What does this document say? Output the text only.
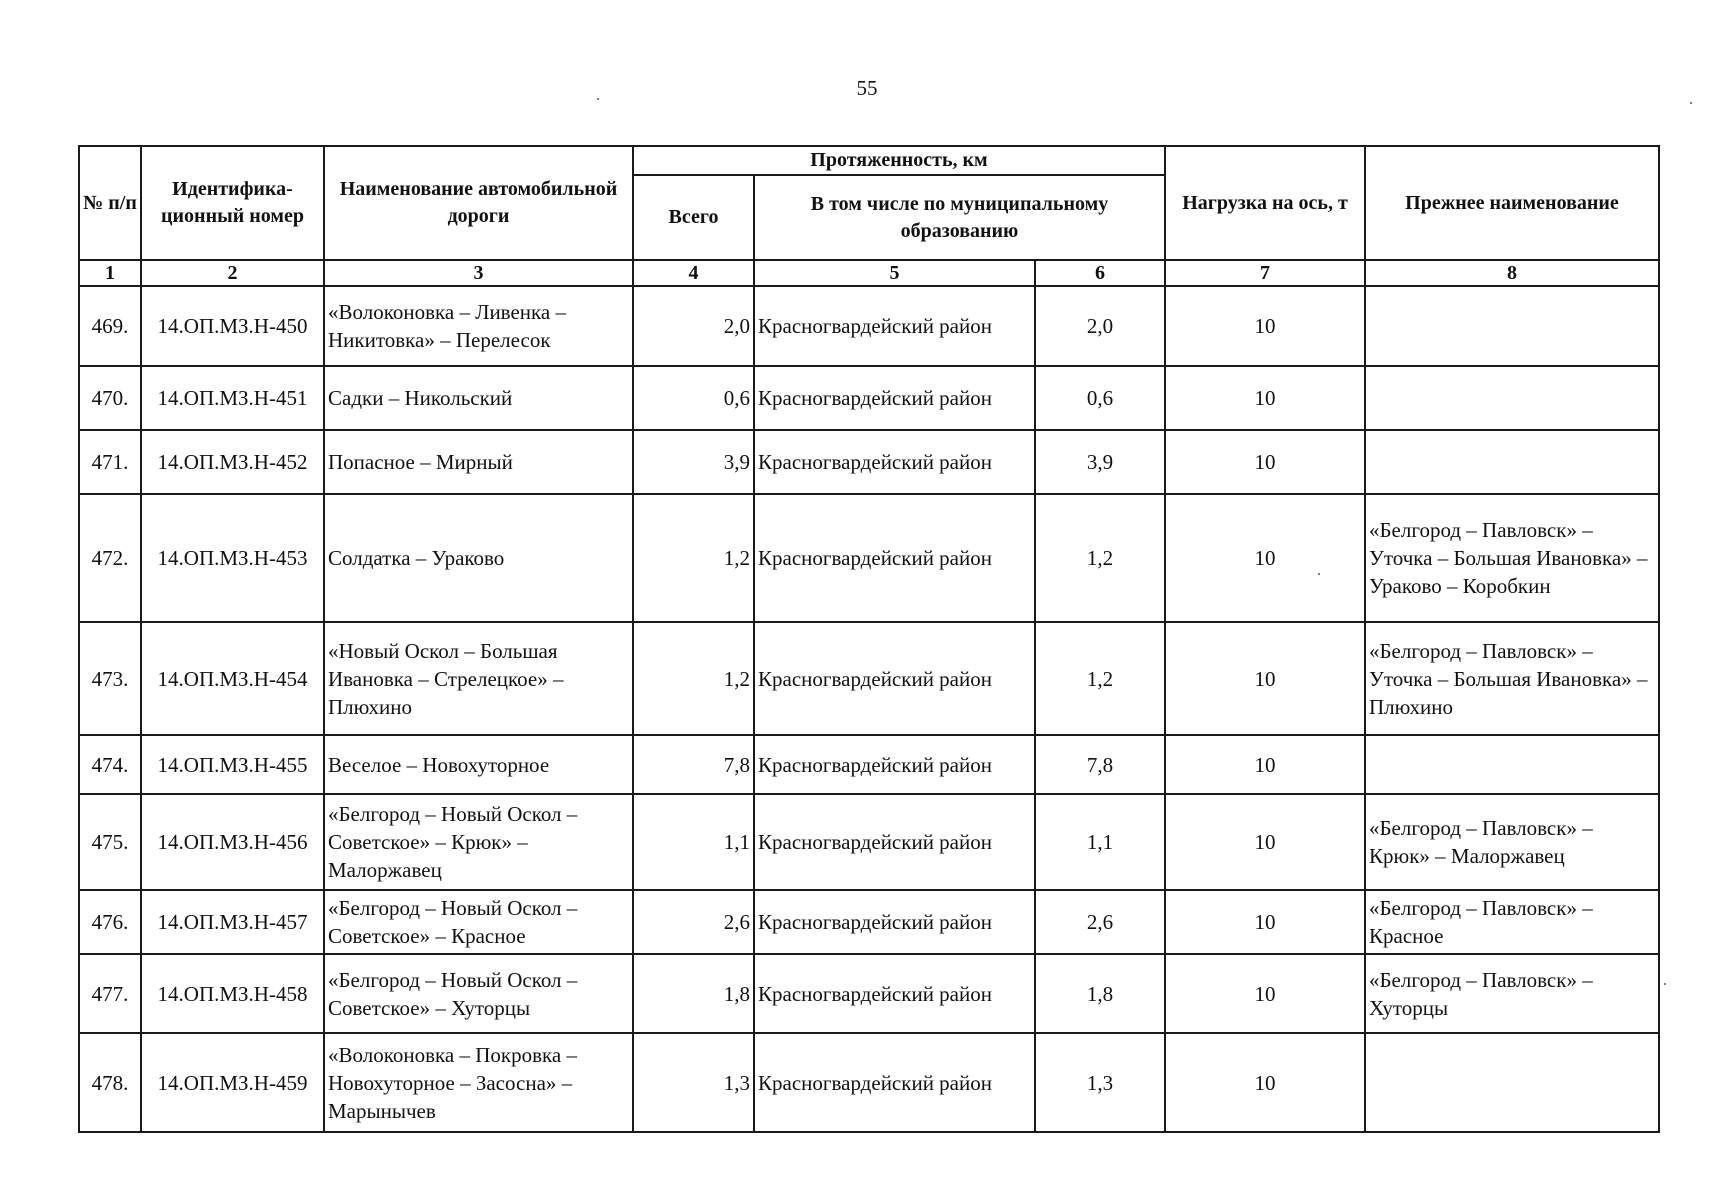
55
№ п/п	Идентифика- ционный номер	Наименование автомобильной дороги	Протяженность, км			Нагрузка на ось, т	Прежнее наименование
			Всего	В том числе по муниципальному образованию			
1	2	3	4	5	6	7	8
469.	14.ОП.МЗ.Н-450	«Волоконовка – Ливенка – Никитовка» – Перелесок	2,0	Красногвардейский район	2,0	10	
470.	14.ОП.МЗ.Н-451	Садки – Никольский	0,6	Красногвардейский район	0,6	10	
471.	14.ОП.МЗ.Н-452	Попасное – Мирный	3,9	Красногвардейский район	3,9	10	
472.	14.ОП.МЗ.Н-453	Солдатка – Ураково	1,2	Красногвардейский район	1,2	10	«Белгород – Павловск» – Уточка – Большая Ивановка» – Ураково – Коробкин
473.	14.ОП.МЗ.Н-454	«Новый Оскол – Большая Ивановка – Стрелецкое» – Плюхино	1,2	Красногвардейский район	1,2	10	«Белгород – Павловск» – Уточка – Большая Ивановка» – Плюхино
474.	14.ОП.МЗ.Н-455	Веселое – Новохуторное	7,8	Красногвардейский район	7,8	10	
475.	14.ОП.МЗ.Н-456	«Белгород – Новый Оскол – Советское» – Крюк» – Малоржавец	1,1	Красногвардейский район	1,1	10	«Белгород – Павловск» – Крюк» – Малоржавец
476.	14.ОП.МЗ.Н-457	«Белгород – Новый Оскол – Советское» – Красное	2,6	Красногвардейский район	2,6	10	«Белгород – Павловск» – Красное
477.	14.ОП.МЗ.Н-458	«Белгород – Новый Оскол – Советское» – Хуторцы	1,8	Красногвардейский район	1,8	10	«Белгород – Павловск» – Хуторцы
478.	14.ОП.МЗ.Н-459	«Волоконовка – Покровка – Новохуторное – Засосна» – Марынычев	1,3	Красногвардейский район	1,3	10	
